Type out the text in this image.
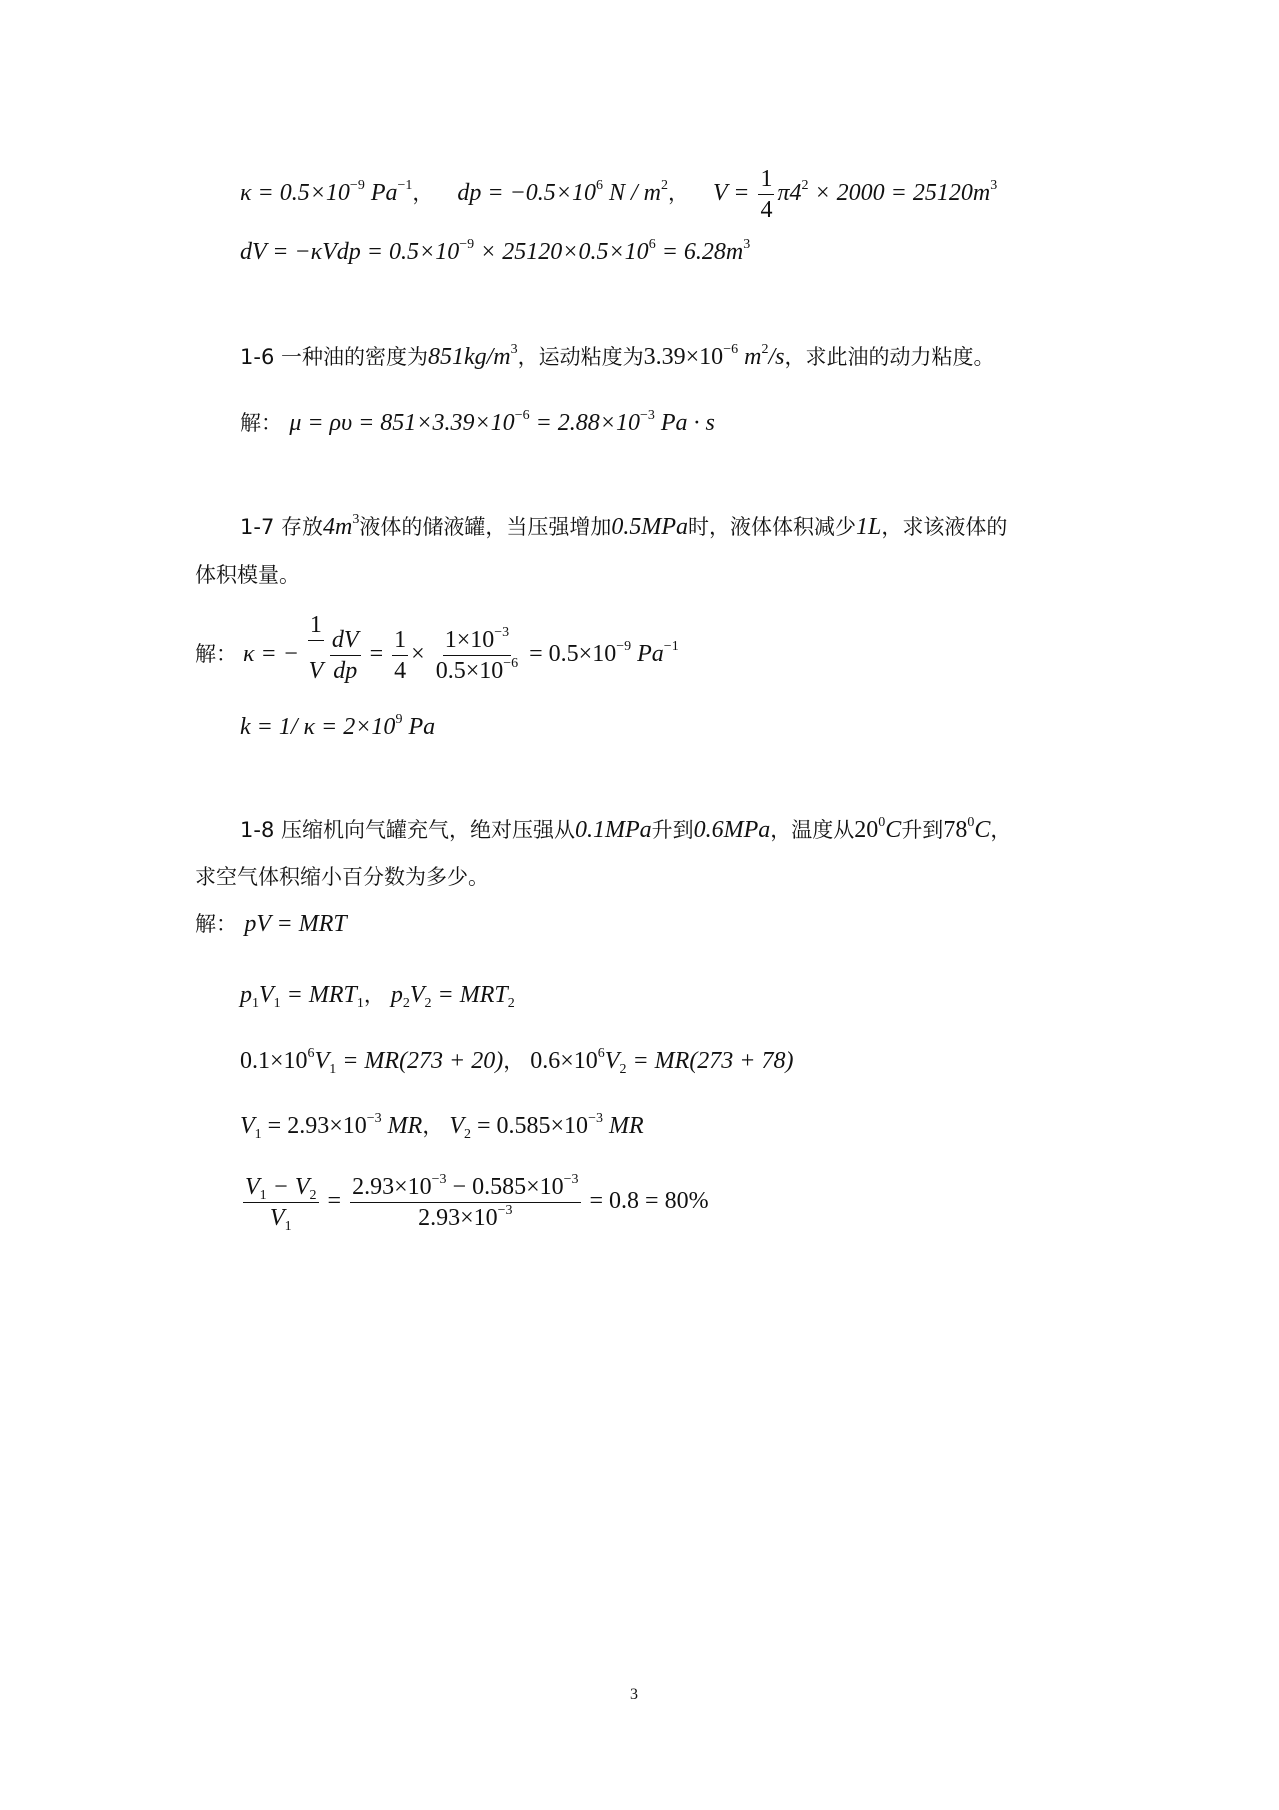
$\kappa = 0.5\times 10^{-9}$ $Pa^{-1}$， dp = $-0.5\times 10^6$ N / $m^2$， $V = \frac{1}{4} \pi 4^2 \times 2000 = 25120m^3$
dV = $-\kappa Vdp = 0.5\times 10^{-9} \times 25120\times 0.5\times 10^6 = 6.28m^3$
1-6 一种油的密度为$851kg/m^3$，运动粘度为$3.39\times 10^{-6}$ $m^2/s$，求此油的动力粘度。
解： $\mu = \rho\upsilon = 851\times 3.39\times 10^{-6} = 2.88\times 10^{-3}$ Pa · s
1-7 存放$4m^3$液体的储液罐，当压强增加0.5MPa时，液体体积减少1L，求该液体的
体积模量。
解： κ = − $\frac{1}{V} \frac{dV}{dp} = \frac{1}{4} \times \frac{1\times 10^{-3}}{0.5\times 10^{-6}} = 0.5\times 10^{-9}$ $Pa^{-1}$
k = 1/ $\kappa = 2\times 10^9$ Pa
1-8 压缩机向气罐充气，绝对压强从0.1MPa升到0.6MPa，温度从$20^0C$升到$78^0C$，
求空气体积缩小百分数为多少。
解： pV = MRT
$p_1V_1 = MRT_1$， $p_2V_2 = MRT_2$
$0.1\times 10^6V_1 = MR(273 + 20)$， $0.6\times 10^6V_2 = MR(273 + 78)$
$V_1 = 2.93\times 10^{-3}$ MR， $V_2 = 0.585\times 10^{-3}$ MR
$\frac{V_1 - V_2}{V_1} = \frac{2.93\times 10^{-3} - 0.585\times 10^{-3}}{2.93\times 10^{-3}} = 0.8 = 80\%$
3
